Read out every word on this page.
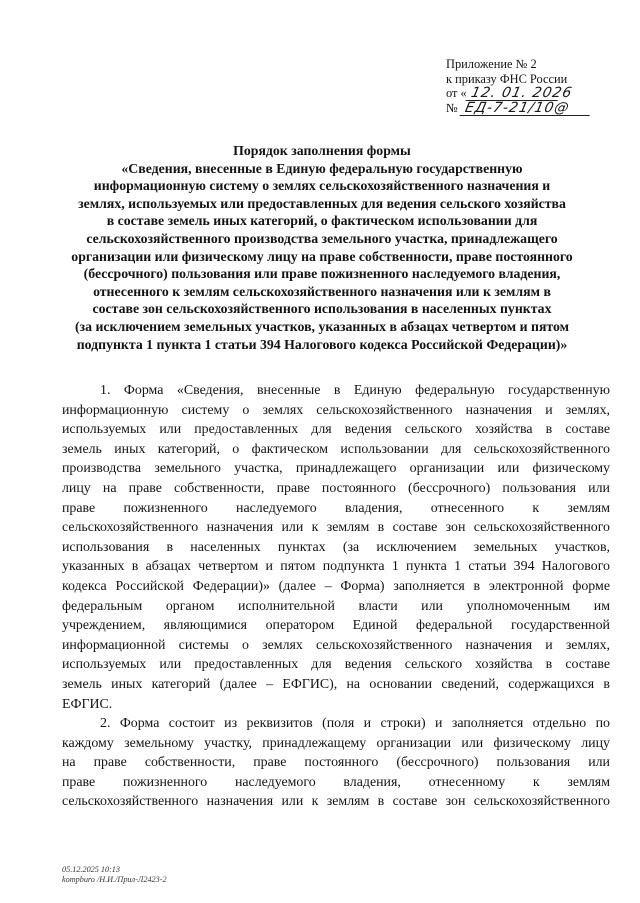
Приложение № 2
к приказу ФНС России
от « 12. 01. 2026
№ ЕД-7-21/10@
Порядок заполнения формы
«Сведения, внесенные в Единую федеральную государственную
информационную систему о землях сельскохозяйственного назначения и
землях, используемых или предоставленных для ведения сельского хозяйства
в составе земель иных категорий, о фактическом использовании для
сельскохозяйственного производства земельного участка, принадлежащего
организации или физическому лицу на праве собственности, праве постоянного
(бессрочного) пользования или праве пожизненного наследуемого владения,
отнесенного к землям сельскохозяйственного назначения или к землям в
составе зон сельскохозяйственного использования в населенных пунктах
(за исключением земельных участков, указанных в абзацах четвертом и пятом
подпункта 1 пункта 1 статьи 394 Налогового кодекса Российской Федерации)»
1. Форма «Сведения, внесенные в Единую федеральную государственную
информационную систему о землях сельскохозяйственного назначения и землях,
используемых или предоставленных для ведения сельского хозяйства в составе
земель иных категорий, о фактическом использовании для сельскохозяйственного
производства земельного участка, принадлежащего организации или физическому
лицу на праве собственности, праве постоянного (бессрочного) пользования или
праве пожизненного наследуемого владения, отнесенного к землям
сельскохозяйственного назначения или к землям в составе зон сельскохозяйственного
использования в населенных пунктах (за исключением земельных участков,
указанных в абзацах четвертом и пятом подпункта 1 пункта 1 статьи 394 Налогового
кодекса Российской Федерации)» (далее – Форма) заполняется в электронной форме
федеральным органом исполнительной власти или уполномоченным им
учреждением, являющимися оператором Единой федеральной государственной
информационной системы о землях сельскохозяйственного назначения и землях,
используемых или предоставленных для ведения сельского хозяйства в составе
земель иных категорий (далее – ЕФГИС), на основании сведений, содержащихся в
ЕФГИС.
2. Форма состоит из реквизитов (поля и строки) и заполняется отдельно по
каждому земельному участку, принадлежащему организации или физическому лицу
на праве собственности, праве постоянного (бессрочного) пользования или
праве пожизненного наследуемого владения, отнесенному к землям
сельскохозяйственного назначения или к землям в составе зон сельскохозяйственного
05.12.2025 10:13
kompburo /Н.И./Прил-Л2423-2
